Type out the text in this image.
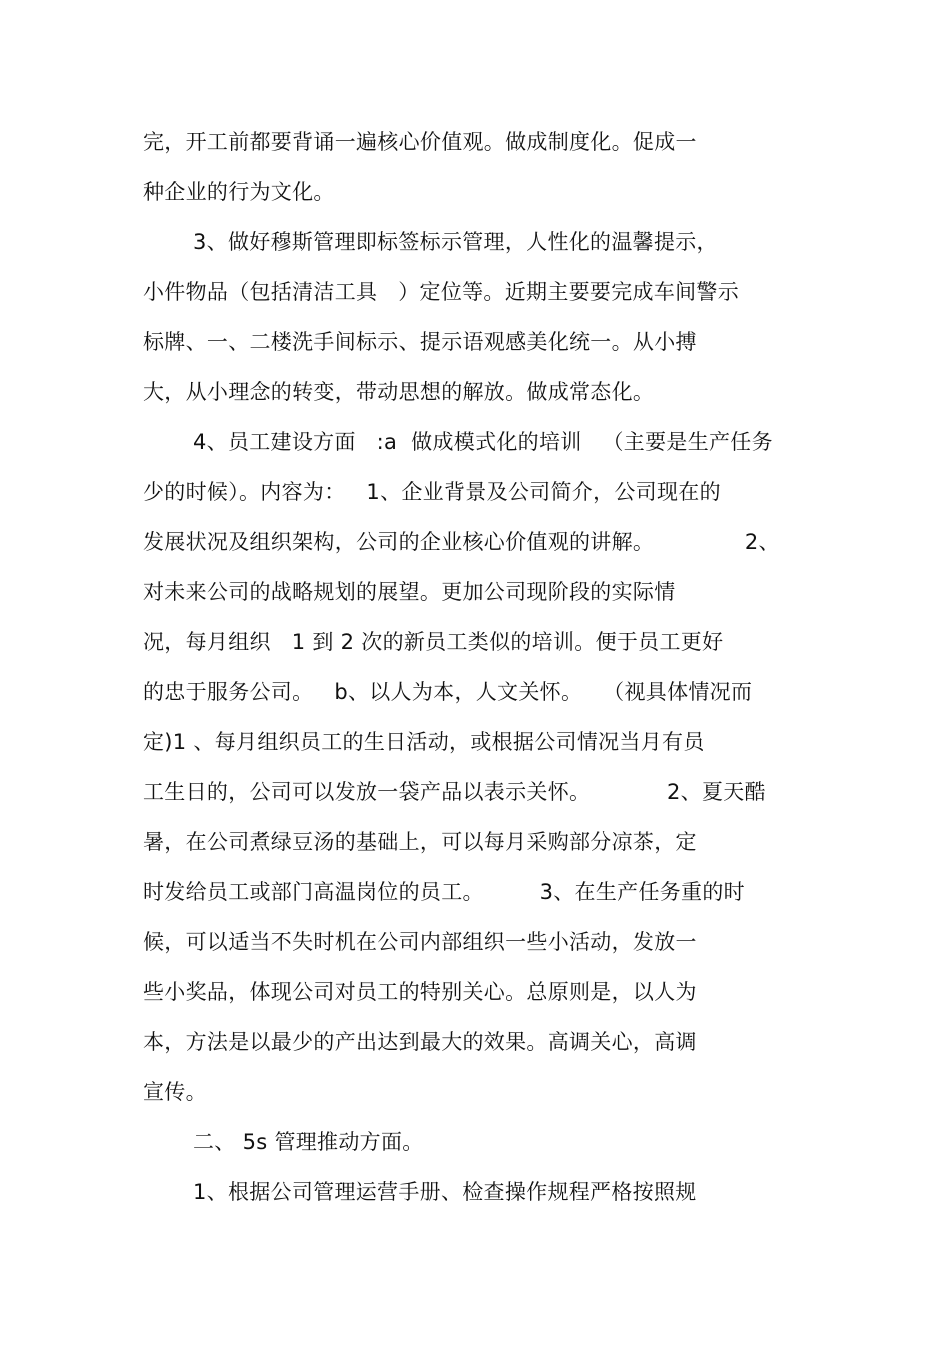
完，开工前都要背诵一遍核心价值观。做成制度化。促成一
种企业的行为文化。
3、做好穆斯管理即标签标示管理，人性化的温馨提示，
小件物品（包括清洁工具   ）定位等。近期主要要完成车间警示
标牌、一、二楼洗手间标示、提示语观感美化统一。从小搏
大，从小理念的转变，带动思想的解放。做成常态化。
4、员工建设方面   :a  做成模式化的培训   （主要是生产任务
少的时候）。内容为：   1、企业背景及公司简介，公司现在的
发展状况及组织架构，公司的企业核心价值观的讲解。             2、
对未来公司的战略规划的展望。更加公司现阶段的实际情
况，每月组织   1 到 2 次的新员工类似的培训。便于员工更好
的忠于服务公司。   b、以人为本，人文关怀。   （视具体情况而
定)1 、每月组织员工的生日活动，或根据公司情况当月有员
工生日的，公司可以发放一袋产品以表示关怀。           2、夏天酷
暑，在公司煮绿豆汤的基础上，可以每月采购部分凉茶，定
时发给员工或部门高温岗位的员工。        3、在生产任务重的时
候，可以适当不失时机在公司内部组织一些小活动，发放一
些小奖品，体现公司对员工的特别关心。总原则是，以人为
本，方法是以最少的产出达到最大的效果。高调关心，高调
宣传。
二、 5s 管理推动方面。
1、根据公司管理运营手册、检查操作规程严格按照规
